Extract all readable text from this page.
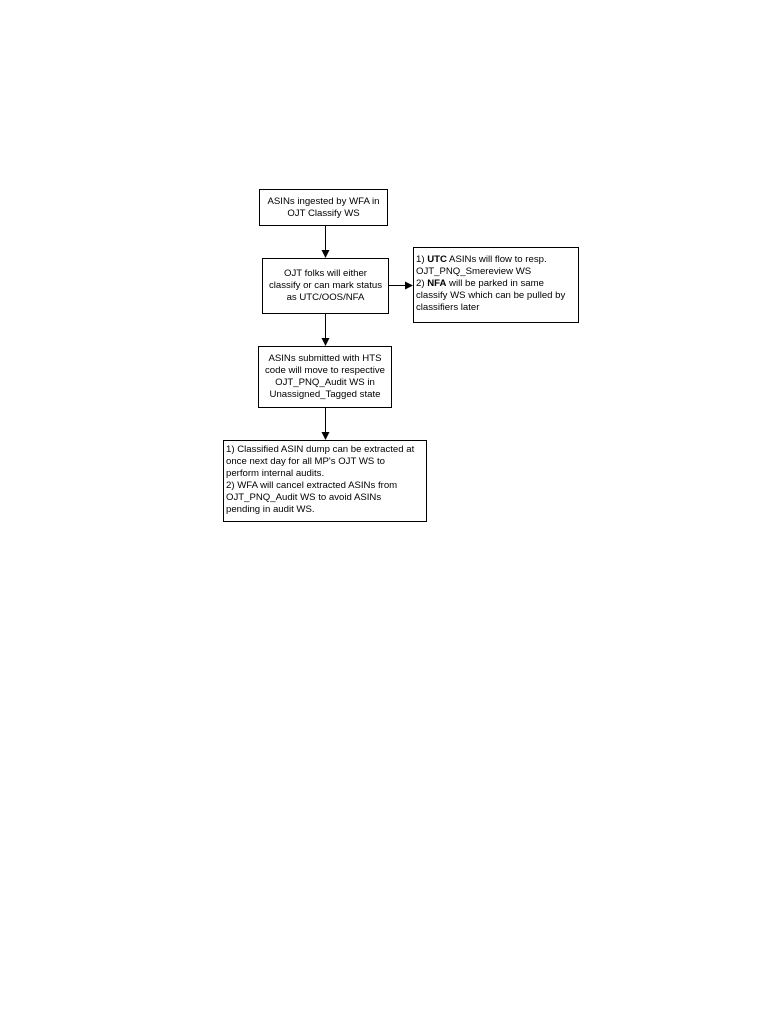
ASINs ingested by WFA in
OJT Classify WS
OJT folks will either
classify or can mark status
as UTC/OOS/NFA
1) UTC ASINs will flow to resp.
OJT_PNQ_Smereview WS
2) NFA will be parked in same
classify WS which can be pulled by
classifiers later
ASINs submitted with HTS
code will move to respective
OJT_PNQ_Audit WS in
Unassigned_Tagged state
1) Classified ASIN dump can be extracted at
once next day for all MP's OJT WS to
perform internal audits.
2) WFA will cancel extracted ASINs from
OJT_PNQ_Audit WS to avoid ASINs
pending in audit WS.
